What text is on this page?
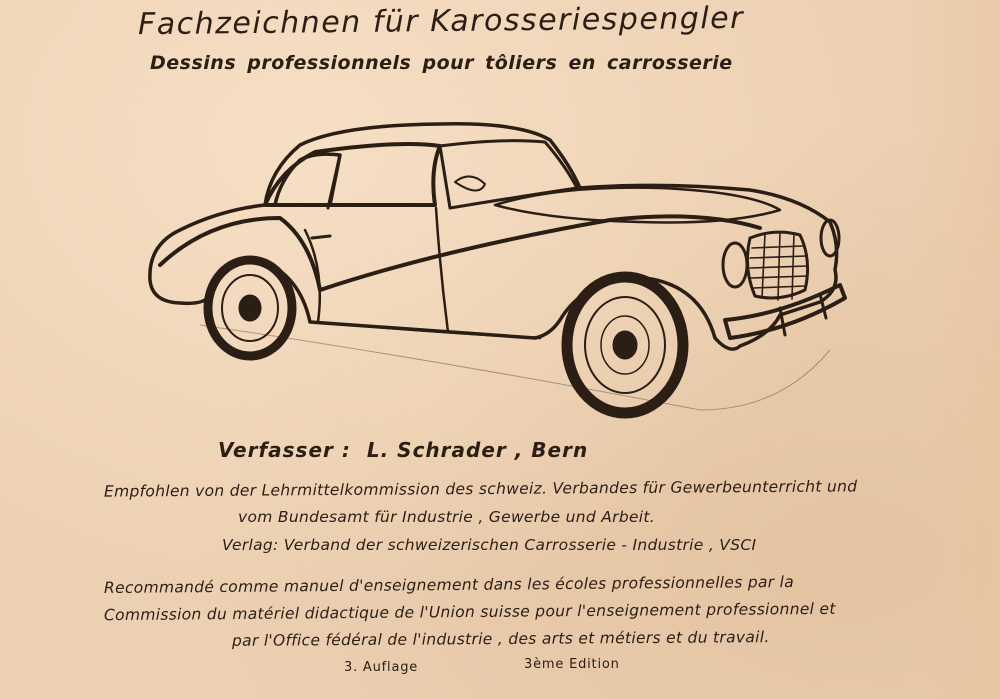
Fachzeichnen für Karosseriespengler
Dessins professionnels pour tôliers en carrosserie
Verfasser : L. Schrader , Bern
Empfohlen von der Lehrmittelkommission des schweiz. Verbandes für Gewerbeunterricht und
vom Bundesamt für Industrie , Gewerbe und Arbeit.
Verlag: Verband der schweizerischen Carrosserie - Industrie , VSCI
Recommandé comme manuel d'enseignement dans les écoles professionnelles par la
Commission du matériel didactique de l'Union suisse pour l'enseignement professionnel et
par l'Office fédéral de l'industrie , des arts et métiers et du travail.
3. Auflage	3ème Edition
